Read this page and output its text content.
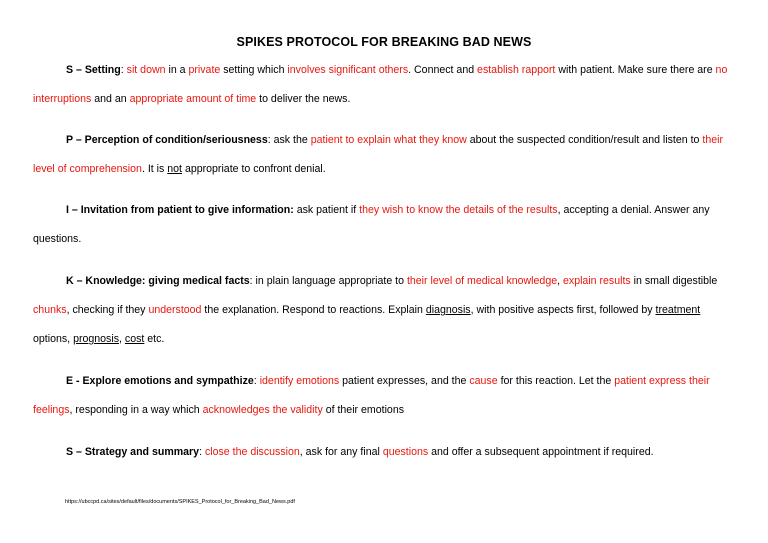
SPIKES PROTOCOL FOR BREAKING BAD NEWS
S – Setting: sit down in a private setting which involves significant others. Connect and establish rapport with patient. Make sure there are no interruptions and an appropriate amount of time to deliver the news.
P – Perception of condition/seriousness: ask the patient to explain what they know about the suspected condition/result and listen to their level of comprehension. It is not appropriate to confront denial.
I – Invitation from patient to give information: ask patient if they wish to know the details of the results, accepting a denial. Answer any questions.
K – Knowledge: giving medical facts: in plain language appropriate to their level of medical knowledge, explain results in small digestible chunks, checking if they understood the explanation. Respond to reactions. Explain diagnosis, with positive aspects first, followed by treatment options, prognosis, cost etc.
E - Explore emotions and sympathize: identify emotions patient expresses, and the cause for this reaction. Let the patient express their feelings, responding in a way which acknowledges the validity of their emotions
S – Strategy and summary: close the discussion, ask for any final questions and offer a subsequent appointment if required.
https://ubccpd.ca/sites/default/files/documents/SPIKES_Protocol_for_Breaking_Bad_News.pdf
